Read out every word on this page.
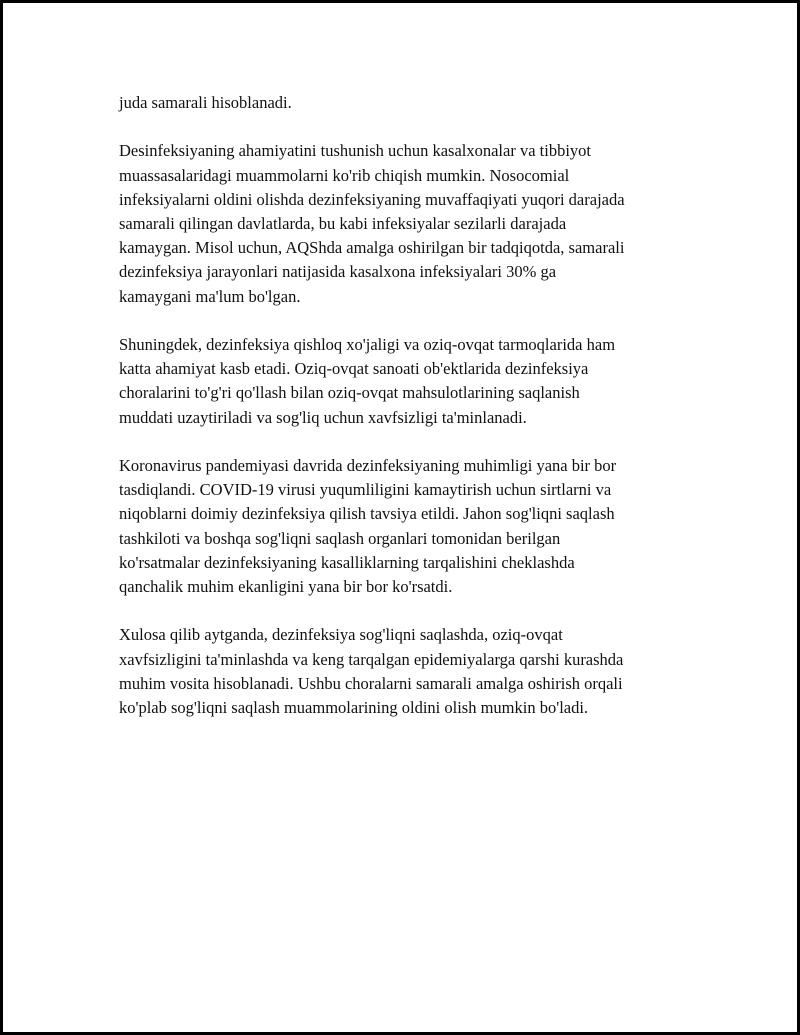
juda samarali hisoblanadi.

Desinfeksiyaning ahamiyatini tushunish uchun kasalxonalar va tibbiyot
muassasalaridagi muammolarni ko'rib chiqish mumkin. Nosocomial
infeksiyalarni oldini olishda dezinfeksiyaning muvaffaqiyati yuqori darajada
samarali qilingan davlatlarda, bu kabi infeksiyalar sezilarli darajada
kamaygan. Misol uchun, AQShda amalga oshirilgan bir tadqiqotda, samarali
dezinfeksiya jarayonlari natijasida kasalxona infeksiyalari 30% ga
kamaygani ma'lum bo'lgan.

Shuningdek, dezinfeksiya qishloq xo'jaligi va oziq-ovqat tarmoqlarida ham
katta ahamiyat kasb etadi. Oziq-ovqat sanoati ob'ektlarida dezinfeksiya
choralarini to'g'ri qo'llash bilan oziq-ovqat mahsulotlarining saqlanish
muddati uzaytiriladi va sog'liq uchun xavfsizligi ta'minlanadi.

Koronavirus pandemiyasi davrida dezinfeksiyaning muhimligi yana bir bor
tasdiqlandi. COVID-19 virusi yuqumliligini kamaytirish uchun sirtlarni va
niqoblarni doimiy dezinfeksiya qilish tavsiya etildi. Jahon sog'liqni saqlash
tashkiloti va boshqa sog'liqni saqlash organlari tomonidan berilgan
ko'rsatmalar dezinfeksiyaning kasalliklarning tarqalishini cheklashda
qanchalik muhim ekanligini yana bir bor ko'rsatdi.

Xulosa qilib aytganda, dezinfeksiya sog'liqni saqlashda, oziq-ovqat
xavfsizligini ta'minlashda va keng tarqalgan epidemiyalarga qarshi kurashda
muhim vosita hisoblanadi. Ushbu choralarni samarali amalga oshirish orqali
ko'plab sog'liqni saqlash muammolarining oldini olish mumkin bo'ladi.
